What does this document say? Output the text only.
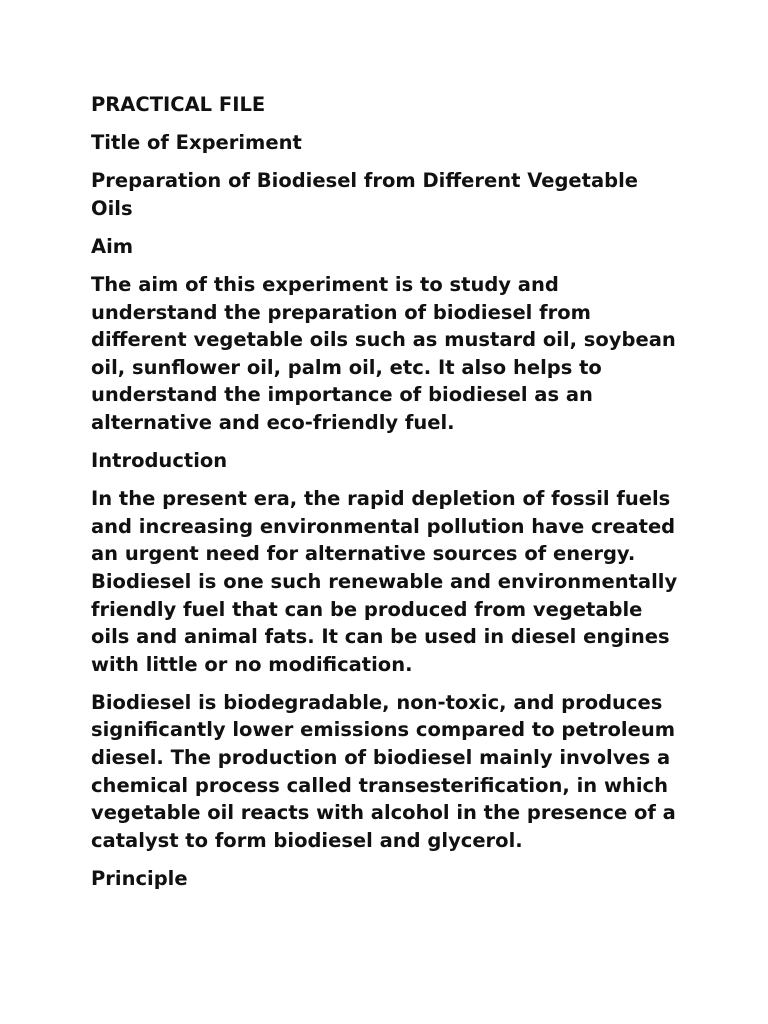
PRACTICAL FILE

Title of Experiment

Preparation of Biodiesel from Different Vegetable Oils

Aim

The aim of this experiment is to study and understand the preparation of biodiesel from different vegetable oils such as mustard oil, soybean oil, sunflower oil, palm oil, etc. It also helps to understand the importance of biodiesel as an alternative and eco-friendly fuel.

Introduction

In the present era, the rapid depletion of fossil fuels and increasing environmental pollution have created an urgent need for alternative sources of energy. Biodiesel is one such renewable and environmentally friendly fuel that can be produced from vegetable oils and animal fats. It can be used in diesel engines with little or no modification.

Biodiesel is biodegradable, non-toxic, and produces significantly lower emissions compared to petroleum diesel. The production of biodiesel mainly involves a chemical process called transesterification, in which vegetable oil reacts with alcohol in the presence of a catalyst to form biodiesel and glycerol.

Principle
